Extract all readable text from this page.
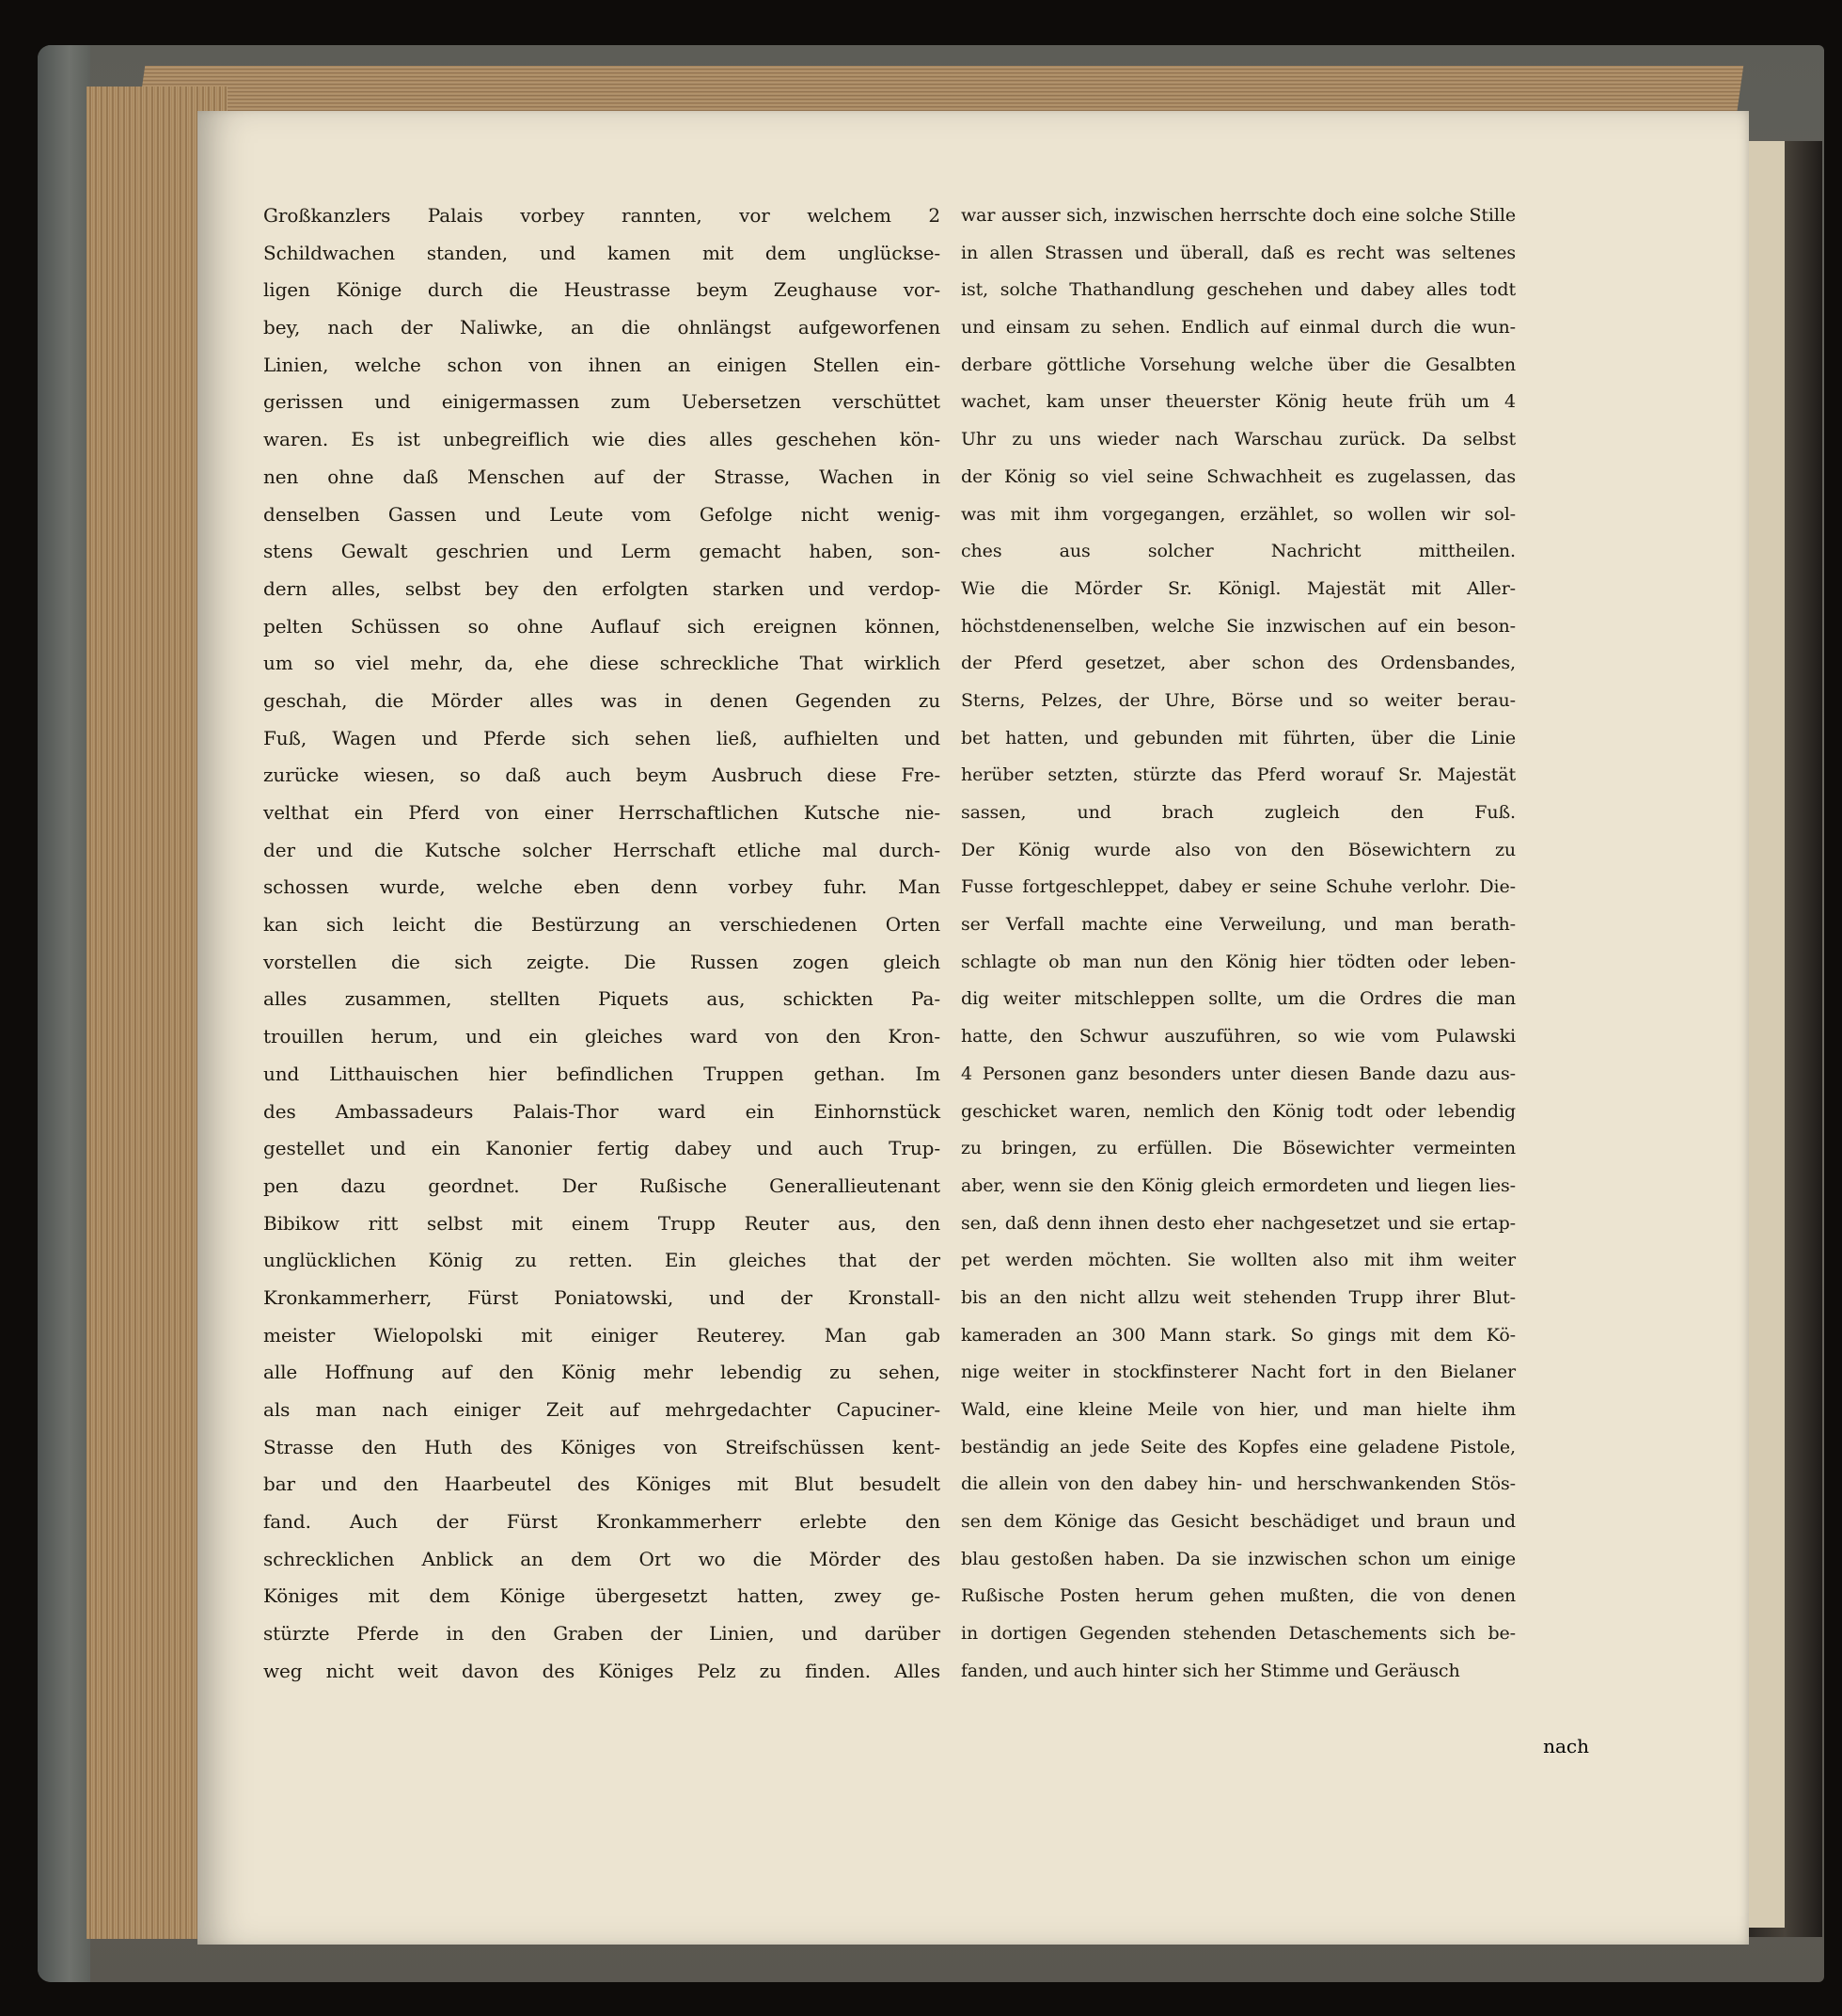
Großkanzlers Palais vorbey rannten, vor welchem 2
Schildwachen standen, und kamen mit dem unglückse-
ligen Könige durch die Heustrasse beym Zeughause vor-
bey, nach der Naliwke, an die ohnlängst aufgeworfenen
Linien, welche schon von ihnen an einigen Stellen ein-
gerissen und einigermassen zum Uebersetzen verschüttet
waren. Es ist unbegreiflich wie dies alles geschehen kön-
nen ohne daß Menschen auf der Strasse, Wachen in
denselben Gassen und Leute vom Gefolge nicht wenig-
stens Gewalt geschrien und Lerm gemacht haben, son-
dern alles, selbst bey den erfolgten starken und verdop-
pelten Schüssen so ohne Auflauf sich ereignen können,
um so viel mehr, da, ehe diese schreckliche That wirklich
geschah, die Mörder alles was in denen Gegenden zu
Fuß, Wagen und Pferde sich sehen ließ, aufhielten und
zurücke wiesen, so daß auch beym Ausbruch diese Fre-
velthat ein Pferd von einer Herrschaftlichen Kutsche nie-
der und die Kutsche solcher Herrschaft etliche mal durch-
schossen wurde, welche eben denn vorbey fuhr. Man
kan sich leicht die Bestürzung an verschiedenen Orten
vorstellen die sich zeigte. Die Russen zogen gleich
alles zusammen, stellten Piquets aus, schickten Pa-
trouillen herum, und ein gleiches ward von den Kron-
und Litthauischen hier befindlichen Truppen gethan. Im
des Ambassadeurs Palais-Thor ward ein Einhornstück
gestellet und ein Kanonier fertig dabey und auch Trup-
pen dazu geordnet. Der Rußische Generallieutenant
Bibikow ritt selbst mit einem Trupp Reuter aus, den
unglücklichen König zu retten. Ein gleiches that der
Kronkammerherr, Fürst Poniatowski, und der Kronstall-
meister Wielopolski mit einiger Reuterey. Man gab
alle Hoffnung auf den König mehr lebendig zu sehen,
als man nach einiger Zeit auf mehrgedachter Capuciner-
Strasse den Huth des Königes von Streifschüssen kent-
bar und den Haarbeutel des Königes mit Blut besudelt
fand. Auch der Fürst Kronkammerherr erlebte den
schrecklichen Anblick an dem Ort wo die Mörder des
Königes mit dem Könige übergesetzt hatten, zwey ge-
stürzte Pferde in den Graben der Linien, und darüber
weg nicht weit davon des Königes Pelz zu finden. Alles
war ausser sich, inzwischen herrschte doch eine solche Stille
in allen Strassen und überall, daß es recht was seltenes
ist, solche Thathandlung geschehen und dabey alles todt
und einsam zu sehen. Endlich auf einmal durch die wun-
derbare göttliche Vorsehung welche über die Gesalbten
wachet, kam unser theuerster König heute früh um 4
Uhr zu uns wieder nach Warschau zurück. Da selbst
der König so viel seine Schwachheit es zugelassen, das
was mit ihm vorgegangen, erzählet, so wollen wir sol-
ches aus solcher Nachricht mittheilen.
Wie die Mörder Sr. Königl. Majestät mit Aller-
höchstdenenselben, welche Sie inzwischen auf ein beson-
der Pferd gesetzet, aber schon des Ordensbandes,
Sterns, Pelzes, der Uhre, Börse und so weiter berau-
bet hatten, und gebunden mit führten, über die Linie
herüber setzten, stürzte das Pferd worauf Sr. Majestät
sassen, und brach zugleich den Fuß.
Der König wurde also von den Bösewichtern zu
Fusse fortgeschleppet, dabey er seine Schuhe verlohr. Die-
ser Verfall machte eine Verweilung, und man berath-
schlagte ob man nun den König hier tödten oder leben-
dig weiter mitschleppen sollte, um die Ordres die man
hatte, den Schwur auszuführen, so wie vom Pulawski
4 Personen ganz besonders unter diesen Bande dazu aus-
geschicket waren, nemlich den König todt oder lebendig
zu bringen, zu erfüllen. Die Bösewichter vermeinten
aber, wenn sie den König gleich ermordeten und liegen lies-
sen, daß denn ihnen desto eher nachgesetzet und sie ertap-
pet werden möchten. Sie wollten also mit ihm weiter
bis an den nicht allzu weit stehenden Trupp ihrer Blut-
kameraden an 300 Mann stark. So gings mit dem Kö-
nige weiter in stockfinsterer Nacht fort in den Bielaner
Wald, eine kleine Meile von hier, und man hielte ihm
beständig an jede Seite des Kopfes eine geladene Pistole,
die allein von den dabey hin- und herschwankenden Stös-
sen dem Könige das Gesicht beschädiget und braun und
blau gestoßen haben. Da sie inzwischen schon um einige
Rußische Posten herum gehen mußten, die von denen
in dortigen Gegenden stehenden Detaschements sich be-
fanden, und auch hinter sich her Stimme und Geräusch
nach
